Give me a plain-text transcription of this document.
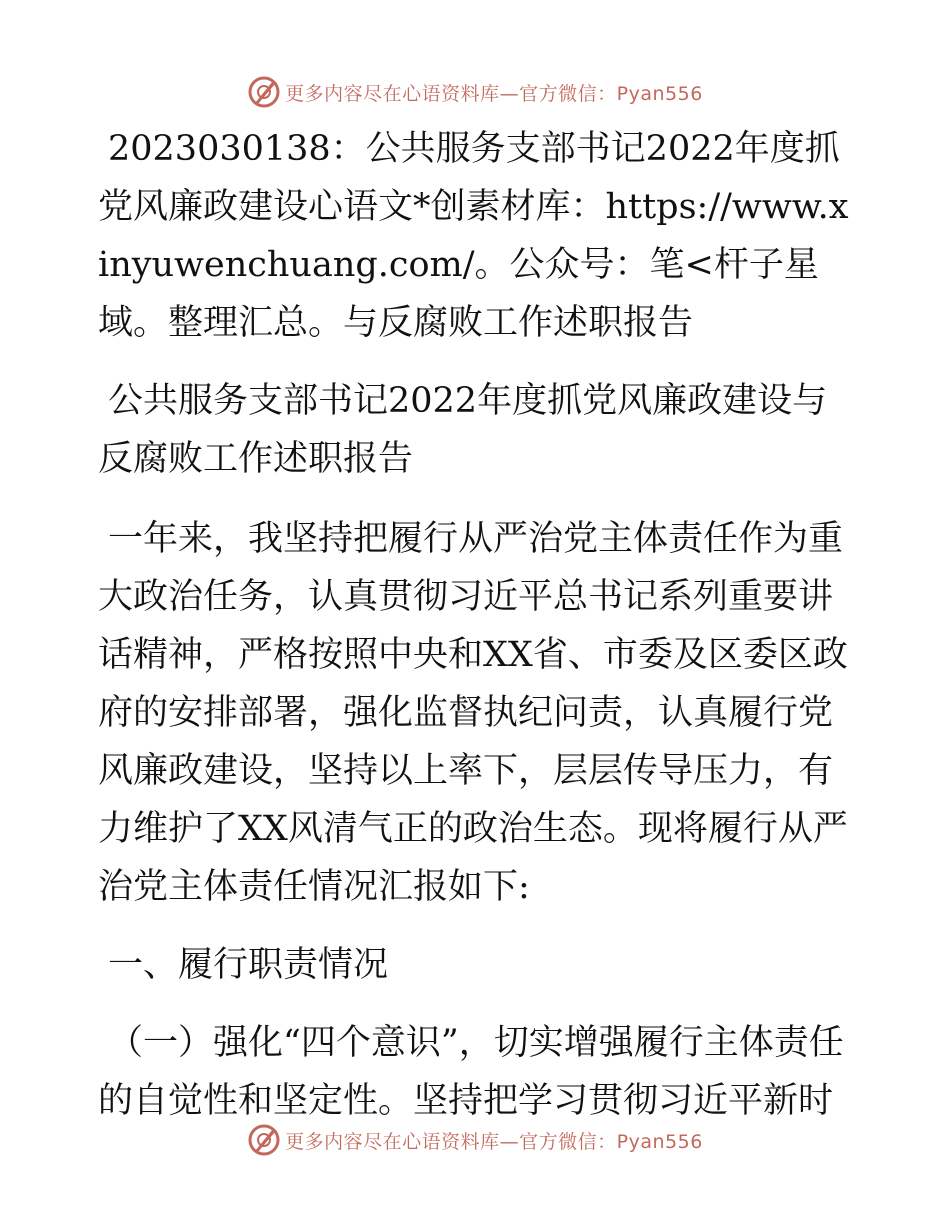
更多内容尽在心语资料库—官方微信：Pyan556

2023030138：公共服务支部书记2022年度抓党风廉政建设心语文*创素材库：https://www.xinyuwenchuang.com/。公众号：笔<杆子星域。整理汇总。与反腐败工作述职报告

公共服务支部书记2022年度抓党风廉政建设与反腐败工作述职报告

一年来，我坚持把履行从严治党主体责任作为重大政治任务，认真贯彻习近平总书记系列重要讲话精神，严格按照中央和XX省、市委及区委区政府的安排部署，强化监督执纪问责，认真履行党风廉政建设，坚持以上率下，层层传导压力，有力维护了XX风清气正的政治生态。现将履行从严治党主体责任情况汇报如下:

一、履行职责情况

（一）强化“四个意识”，切实增强履行主体责任的自觉性和坚定性。坚持把学习贯彻习近平新时

更多内容尽在心语资料库—官方微信：Pyan556
